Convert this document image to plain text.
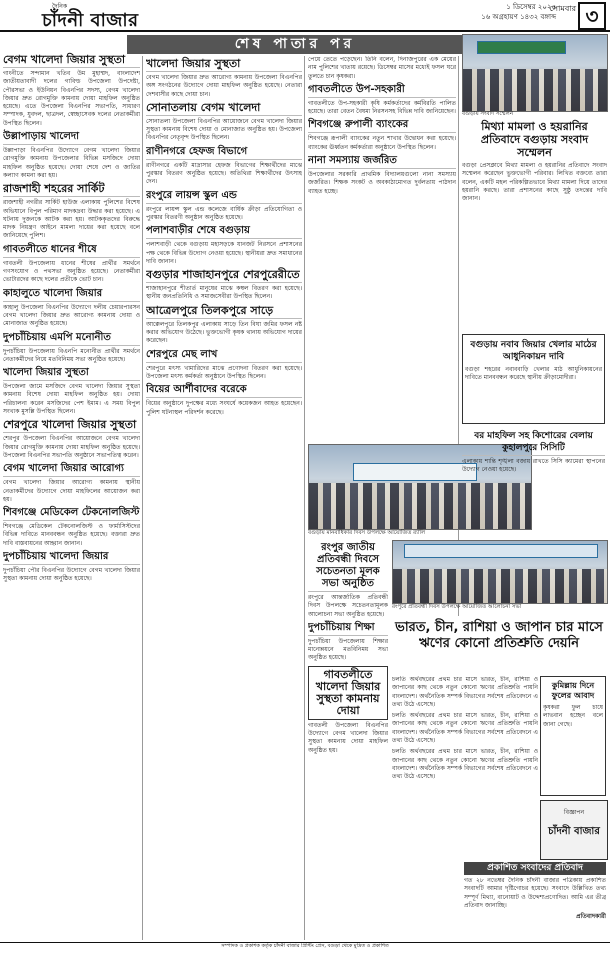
দৈনিক
চাঁদনী বাজার
১ ডিসেম্বর ২০২৫
১৬ অগ্রহায়ণ ১৪৩২ বঙ্গাব্দ
সোমবার ৩
শেষ পাতার পর
বেগম খালেদা জিয়ার সুস্থতা
গাংনীতে সন্দামান খতিব উম মুহাম্মদ, বাংলাদেশ জাতীয়তাবাদী দলের গাবিল্ড উপজেলা উপদেষ্টা, পৌরসভা ও ইউনিয়ন বিএনপির সদস্য, বেগম খালেদা জিয়ার দ্রুত রোগমুক্তি কামনায় দোয়া মাহফিল অনুষ্ঠিত হয়েছে। এতে উপজেলা বিএনপির সভাপতি, সাধারণ সম্পাদক, যুবদল, ছাত্রদল, স্বেচ্ছাসেবক দলের নেতাকর্মীরা উপস্থিত ছিলেন।
উল্লাপাড়ায় খালেদা
উল্লাপাড়া বিএনপির উদ্যোগে বেগম খালেদা জিয়ার রোগমুক্তি কামনায় উপজেলার বিভিন্ন মসজিদে দোয়া মাহফিল অনুষ্ঠিত হয়েছে। দোয়া শেষে দেশ ও জাতির কল্যাণ কামনা করা হয়।
রাজশাহী শহরের সার্কিট
রাজশাহী নগরীর সার্কিট হাউজ এলাকায় পুলিশের বিশেষ অভিযানে বিপুল পরিমাণ মাদকদ্রব্য উদ্ধার করা হয়েছে। এ ঘটনায় দুজনকে আটক করা হয়। আটককৃতদের বিরুদ্ধে মাদক নিয়ন্ত্রণ আইনে মামলা দায়ের করা হয়েছে বলে জানিয়েছে পুলিশ।
গাবতলীতে ধানের শীষে
গাবতলী উপজেলায় ধানের শীষের প্রার্থীর সমর্থনে গণসংযোগ ও পথসভা অনুষ্ঠিত হয়েছে। নেতাকর্মীরা ভোটারদের কাছে দলের প্রতীকে ভোট চান।
কাহালুতে খালেদা জিয়ার
কাহালু উপজেলা বিএনপির উদ্যোগে দলীয় চেয়ারপারসন বেগম খালেদা জিয়ার দ্রুত আরোগ্য কামনায় দোয়া ও মোনাজাত অনুষ্ঠিত হয়েছে।
দুপচাঁচিয়ায় এমপি মনোনীত
দুপচাঁচিয়া উপজেলায় বিএনপি মনোনীত প্রার্থীর সমর্থনে নেতাকর্মীদের নিয়ে মতবিনিময় সভা অনুষ্ঠিত হয়েছে।
খালেদা জিয়ার সুস্থতা
উপজেলা জামে মসজিদে বেগম খালেদা জিয়ার সুস্থতা কামনায় বিশেষ দোয়া মাহফিল অনুষ্ঠিত হয়। দোয়া পরিচালনা করেন মসজিদের পেশ ইমাম। এ সময় বিপুল সংখ্যক মুসল্লি উপস্থিত ছিলেন।
শেরপুরে খালেদা জিয়ার সুস্থতা
শেরপুর উপজেলা বিএনপির আয়োজনে বেগম খালেদা জিয়ার রোগমুক্তি কামনায় দোয়া মাহফিল অনুষ্ঠিত হয়েছে। উপজেলা বিএনপির সভাপতি অনুষ্ঠানে সভাপতিত্ব করেন।
বেগম খালেদা জিয়ার আরোগ্য
বেগম খালেদা জিয়ার আরোগ্য কামনায় স্থানীয় নেতাকর্মীদের উদ্যোগে দোয়া মাহফিলের আয়োজন করা হয়।
শিবগঞ্জে মেডিকেল টেকনোলজিস্ট
শিবগঞ্জে মেডিকেল টেকনোলজিস্ট ও ফার্মাসিস্টদের বিভিন্ন দাবিতে মানববন্ধন অনুষ্ঠিত হয়েছে। বক্তারা দ্রুত দাবি বাস্তবায়নের আহ্বান জানান।
দুপচাঁচিয়ায় খালেদা জিয়ার
দুপচাঁচিয়া পৌর বিএনপির উদ্যোগে বেগম খালেদা জিয়ার সুস্থতা কামনায় দোয়া অনুষ্ঠিত হয়েছে।
খালেদা জিয়ার সুস্থতা
বেগম খালেদা জিয়ার দ্রুত আরোগ্য কামনায় উপজেলা বিএনপির অঙ্গ সংগঠনের উদ্যোগে দোয়া মাহফিল অনুষ্ঠিত হয়েছে। নেতারা দেশবাসীর কাছে দোয়া চান।
সোনাতলায় বেগম খালেদা
সোনাতলা উপজেলা বিএনপির আয়োজনে বেগম খালেদা জিয়ার সুস্থতা কামনায় বিশেষ দোয়া ও মোনাজাত অনুষ্ঠিত হয়। উপজেলা বিএনপির নেতৃবৃন্দ উপস্থিত ছিলেন।
রাণীনগরে হেফজ বিভাগে
রাণীনগরে একটি মাদ্রাসার হেফজ বিভাগের শিক্ষার্থীদের মাঝে পুরস্কার বিতরণ অনুষ্ঠিত হয়েছে। অতিথিরা শিক্ষার্থীদের উৎসাহ দেন।
রংপুরে লায়ন্স স্কুল এন্ড
রংপুরে লায়ন্স স্কুল এন্ড কলেজে বার্ষিক ক্রীড়া প্রতিযোগিতা ও পুরস্কার বিতরণী অনুষ্ঠান অনুষ্ঠিত হয়েছে।
পলাশবাড়ীর শেষে বগুড়ায়
পলাশবাড়ী থেকে বগুড়ায় মহাসড়কে যানজট নিরসনে প্রশাসনের পক্ষ থেকে বিভিন্ন উদ্যোগ নেওয়া হয়েছে। স্থানীয়রা দ্রুত সমাধানের দাবি জানান।
বগুড়ার শাজাহানপুরে শেরপুরেরীতে
শাজাহানপুরে শীতার্ত মানুষের মাঝে কম্বল বিতরণ করা হয়েছে। স্থানীয় জনপ্রতিনিধি ও সমাজসেবীরা উপস্থিত ছিলেন।
আত্রেলপুরে তিলকপুরে সাড়ে
আক্কেলপুরে তিলকপুর এলাকায় সাড়ে তিন বিঘা জমির ফসল নষ্ট করার অভিযোগ উঠেছে। ভুক্তভোগী কৃষক থানায় অভিযোগ দায়ের করেছেন।
শেরপুরে মেছ লাখ
শেরপুরে মৎস্য খামারিদের মাঝে প্রণোদনা বিতরণ করা হয়েছে। উপজেলা মৎস্য কর্মকর্তা অনুষ্ঠানে উপস্থিত ছিলেন।
বিয়ের আর্শীবাদের বরেকে
বিয়ের অনুষ্ঠানে দুপক্ষের মধ্যে সংঘর্ষে কয়েকজন আহত হয়েছেন। পুলিশ ঘটনাস্থল পরিদর্শন করেছে।
পেয়ে তেতে পড়েছেন। তিনি বলেন, দিনাজপুরের এক মেয়ের নাম পুলিশের খাতায় রয়েছে। ডিসেম্বর মাসের মধ্যেই ফসল ঘরে তুলতে চান কৃষকরা।
গাবতলীতে উপ-সহকারী
গাবতলীতে উপ-সহকারী কৃষি কর্মকর্তাদের কর্মবিরতি পালিত হয়েছে। তারা বেতন বৈষম্য নিরসনসহ বিভিন্ন দাবি জানিয়েছেন।
শিবগঞ্জে রুপালী ব্যাংকের
শিবগঞ্জে রূপালী ব্যাংকের নতুন শাখার উদ্বোধন করা হয়েছে। ব্যাংকের ঊর্ধ্বতন কর্মকর্তারা অনুষ্ঠানে উপস্থিত ছিলেন।
নানা সমস্যায় জর্জরিত
উপজেলার সরকারি প্রাথমিক বিদ্যালয়গুলো নানা সমস্যায় জর্জরিত। শিক্ষক সংকট ও অবকাঠামোগত দুর্বলতায় পাঠদান ব্যাহত হচ্ছে।
বগুড়ায় মানবাধিকার দিবস উপলক্ষে আয়োজিত র‍্যালি
রংপুর জাতীয় প্রতিবন্ধী দিবসে সচেতনতা মূলক সভা অনুষ্ঠিত
রংপুরে আন্তর্জাতিক প্রতিবন্ধী দিবস উপলক্ষে সচেতনতামূলক আলোচনা সভা অনুষ্ঠিত হয়েছে।
দুপচাঁচিয়ায় শিক্ষা
দুপচাঁচিয়া উপজেলায় শিক্ষার মানোন্নয়নে মতবিনিময় সভা অনুষ্ঠিত হয়েছে।
গাবতলীতে খালেদা জিয়ার সুস্থতা কামনায় দোয়া
গাবতলী উপজেলা বিএনপির উদ্যোগে বেগম খালেদা জিয়ার সুস্থতা কামনায় দোয়া মাহফিল অনুষ্ঠিত হয়।
বগুড়ায় সংবাদ সম্মেলন
মিথ্যা মামলা ও হয়রানির প্রতিবাদে বগুড়ায় সংবাদ সম্মেলন
বগুড়া প্রেসক্লাবে মিথ্যা মামলা ও হয়রানির প্রতিবাদে সংবাদ সম্মেলন করেছেন ভুক্তভোগী পরিবার। লিখিত বক্তব্যে তারা বলেন, একটি মহল পরিকল্পিতভাবে মিথ্যা মামলা দিয়ে তাদের হয়রানি করছে। তারা প্রশাসনের কাছে সুষ্ঠু তদন্তের দাবি জানান।
বগুড়ায় নবাব জিয়ার খেলার মাঠের আধুনিকায়ন দাবি
বগুড়া শহরের নবাববাড়ি খেলার মাঠ আধুনিকায়নের দাবিতে মানববন্ধন করেছে স্থানীয় ক্রীড়ামোদীরা।
বর মাহফিল সহ কিশোরের বেলায় কুহালপুরে সিসিটি
এলাকায় শান্তি শৃঙ্খলা বজায় রাখতে সিসি ক্যামেরা স্থাপনের উদ্যোগ নেওয়া হয়েছে।
রংপুরে প্রতিবন্ধী দিবস উপলক্ষে আয়োজিত আলোচনা সভা
ভারত, চীন, রাশিয়া ও জাপান চার মাসে ঋণের কোনো প্রতিশ্রুতি দেয়নি
চলতি অর্থবছরের প্রথম চার মাসে ভারত, চীন, রাশিয়া ও জাপানের কাছ থেকে নতুন কোনো ঋণের প্রতিশ্রুতি পায়নি বাংলাদেশ। অর্থনৈতিক সম্পর্ক বিভাগের সর্বশেষ প্রতিবেদনে এ তথ্য উঠে এসেছে।
চলতি অর্থবছরের প্রথম চার মাসে ভারত, চীন, রাশিয়া ও জাপানের কাছ থেকে নতুন কোনো ঋণের প্রতিশ্রুতি পায়নি বাংলাদেশ। অর্থনৈতিক সম্পর্ক বিভাগের সর্বশেষ প্রতিবেদনে এ তথ্য উঠে এসেছে।
চলতি অর্থবছরের প্রথম চার মাসে ভারত, চীন, রাশিয়া ও জাপানের কাছ থেকে নতুন কোনো ঋণের প্রতিশ্রুতি পায়নি বাংলাদেশ। অর্থনৈতিক সম্পর্ক বিভাগের সর্বশেষ প্রতিবেদনে এ তথ্য উঠে এসেছে।
কুমিল্লায় দিনে ফুলের আবাদ
কৃষকরা ফুল চাষে লাভবান হচ্ছেন বলে জানা গেছে।
বিজ্ঞাপন
চাঁদনী বাজার
প্রকাশিত সংবাদের প্রতিবাদ
গত ২৮ নভেম্বর দৈনিক চাঁদনী বাজার পত্রিকায় প্রকাশিত সংবাদটি আমার দৃষ্টিগোচর হয়েছে। সংবাদে উল্লিখিত তথ্য সম্পূর্ণ মিথ্যা, বানোয়াট ও উদ্দেশ্যপ্রণোদিত। আমি এর তীব্র প্রতিবাদ জানাচ্ছি।
প্রতিবাদকারী
সম্পাদক ও প্রকাশক কর্তৃক চাঁদনী বাজার প্রিন্টিং প্রেস, বগুড়া থেকে মুদ্রিত ও প্রকাশিত
